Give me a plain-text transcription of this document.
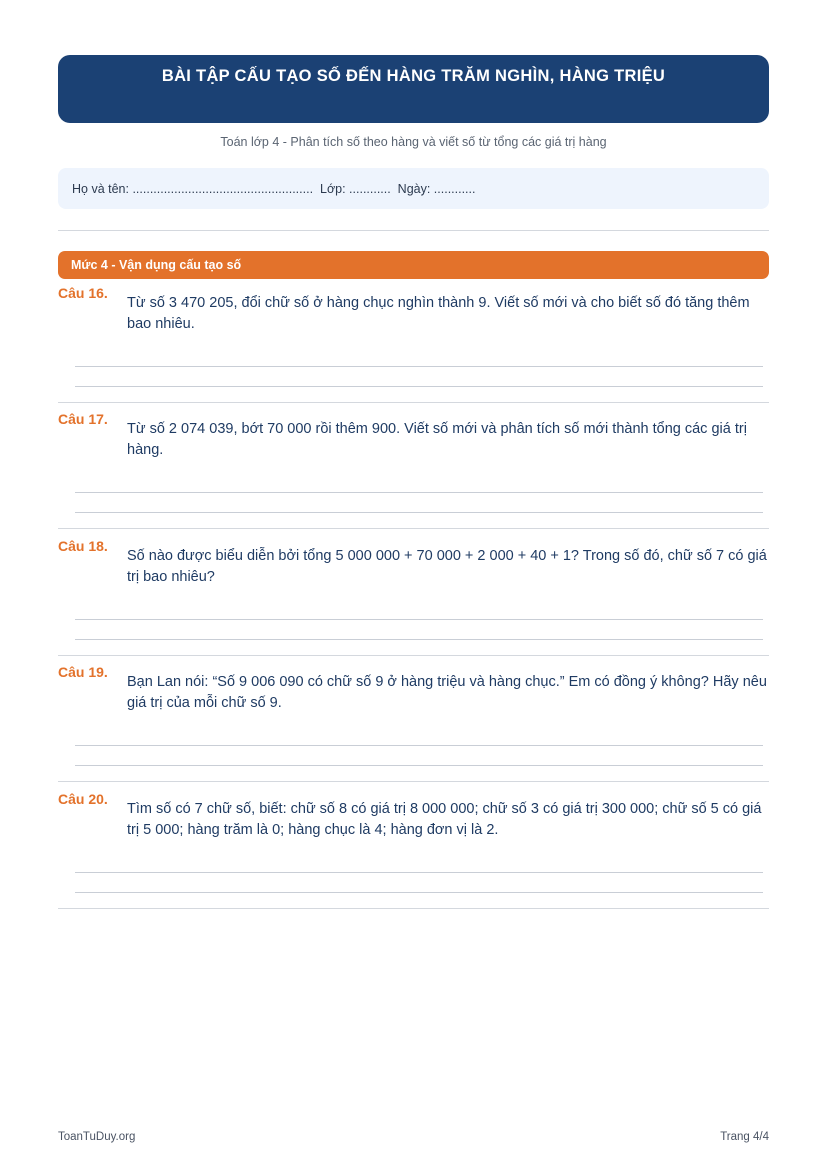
BÀI TẬP CẤU TẠO SỐ ĐẾN HÀNG TRĂM NGHÌN, HÀNG TRIỆU
Toán lớp 4 - Phân tích số theo hàng và viết số từ tổng các giá trị hàng
Họ và tên: .................................................... Lớp: ............ Ngày: ............
Mức 4 - Vận dụng cấu tạo số
Câu 16.
Từ số 3 470 205, đổi chữ số ở hàng chục nghìn thành 9. Viết số mới và cho biết số đó tăng thêm bao nhiêu.
Câu 17.
Từ số 2 074 039, bớt 70 000 rồi thêm 900. Viết số mới và phân tích số mới thành tổng các giá trị hàng.
Câu 18.
Số nào được biểu diễn bởi tổng 5 000 000 + 70 000 + 2 000 + 40 + 1? Trong số đó, chữ số 7 có giá trị bao nhiêu?
Câu 19.
Bạn Lan nói: “Số 9 006 090 có chữ số 9 ở hàng triệu và hàng chục.” Em có đồng ý không? Hãy nêu giá trị của mỗi chữ số 9.
Câu 20.
Tìm số có 7 chữ số, biết: chữ số 8 có giá trị 8 000 000; chữ số 3 có giá trị 300 000; chữ số 5 có giá trị 5 000; hàng trăm là 0; hàng chục là 4; hàng đơn vị là 2.
ToanTuDuy.org	Trang 4/4
